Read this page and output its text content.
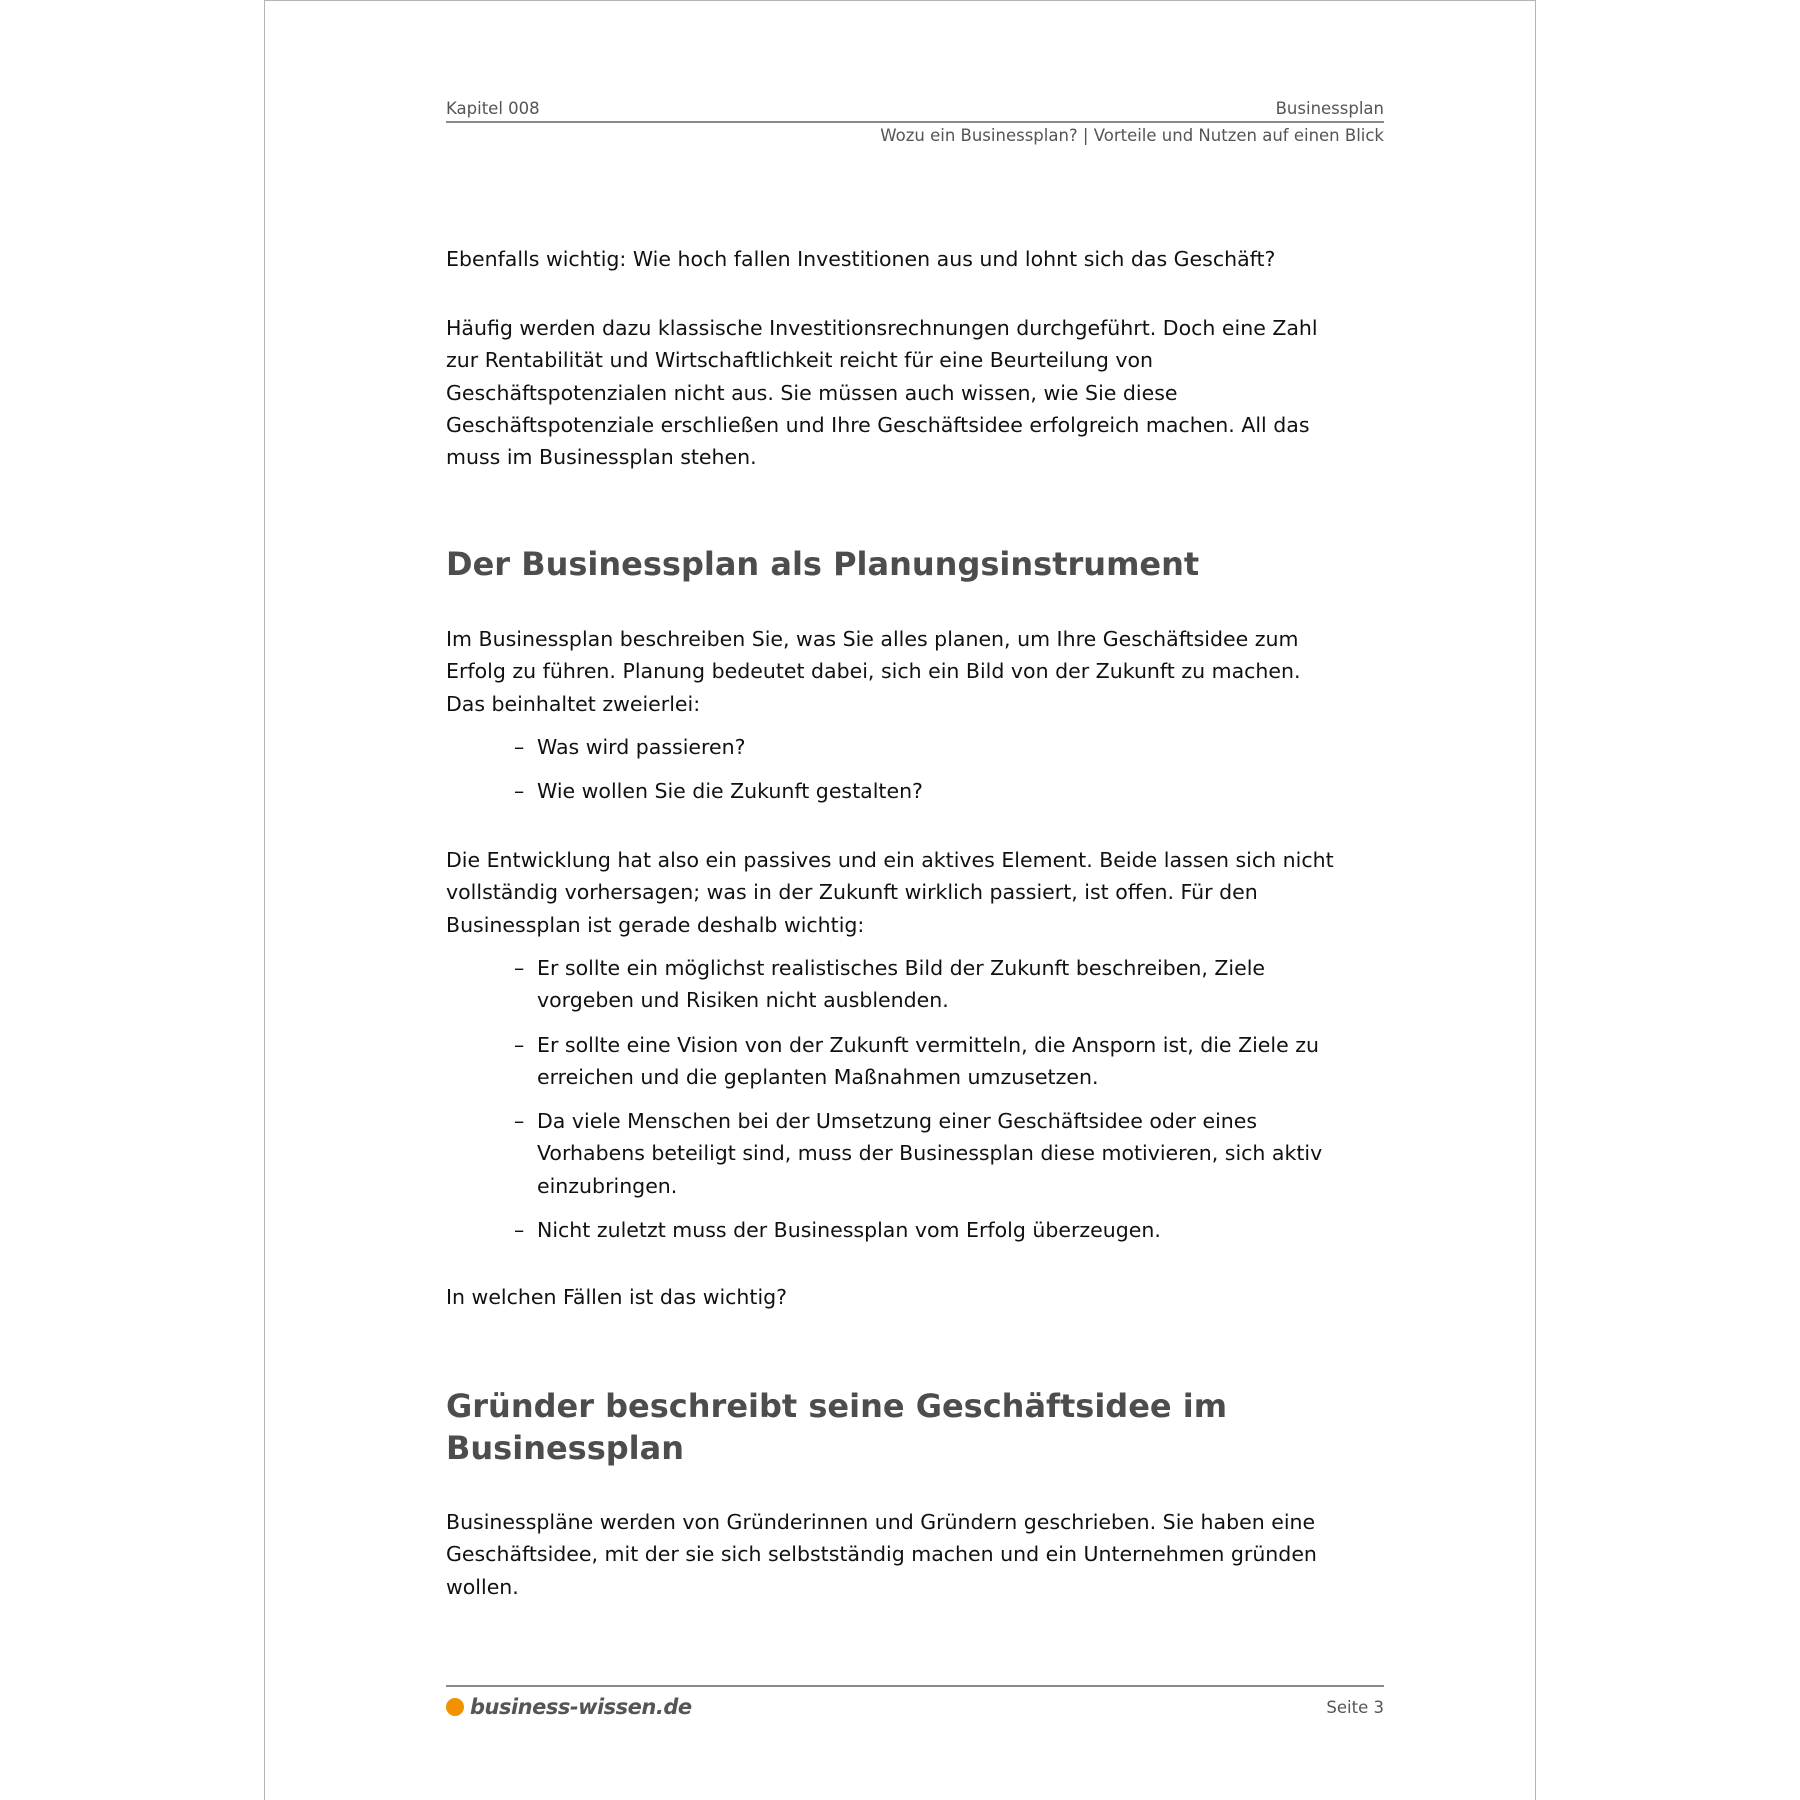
Kapitel 008	Businessplan
Wozu ein Businessplan? | Vorteile und Nutzen auf einen Blick

Ebenfalls wichtig: Wie hoch fallen Investitionen aus und lohnt sich das Geschäft?

Häufig werden dazu klassische Investitionsrechnungen durchgeführt. Doch eine Zahl
zur Rentabilität und Wirtschaftlichkeit reicht für eine Beurteilung von
Geschäftspotenzialen nicht aus. Sie müssen auch wissen, wie Sie diese
Geschäftspotenziale erschließen und Ihre Geschäftsidee erfolgreich machen. All das
muss im Businessplan stehen.

Der Businessplan als Planungsinstrument

Im Businessplan beschreiben Sie, was Sie alles planen, um Ihre Geschäftsidee zum
Erfolg zu führen. Planung bedeutet dabei, sich ein Bild von der Zukunft zu machen.
Das beinhaltet zweierlei:

– Was wird passieren?
– Wie wollen Sie die Zukunft gestalten?

Die Entwicklung hat also ein passives und ein aktives Element. Beide lassen sich nicht
vollständig vorhersagen; was in der Zukunft wirklich passiert, ist offen. Für den
Businessplan ist gerade deshalb wichtig:

– Er sollte ein möglichst realistisches Bild der Zukunft beschreiben, Ziele
vorgeben und Risiken nicht ausblenden.
– Er sollte eine Vision von der Zukunft vermitteln, die Ansporn ist, die Ziele zu
erreichen und die geplanten Maßnahmen umzusetzen.
– Da viele Menschen bei der Umsetzung einer Geschäftsidee oder eines
Vorhabens beteiligt sind, muss der Businessplan diese motivieren, sich aktiv
einzubringen.
– Nicht zuletzt muss der Businessplan vom Erfolg überzeugen.

In welchen Fällen ist das wichtig?

Gründer beschreibt seine Geschäftsidee im
Businessplan

Businesspläne werden von Gründerinnen und Gründern geschrieben. Sie haben eine
Geschäftsidee, mit der sie sich selbstständig machen und ein Unternehmen gründen
wollen.

business-wissen.de	Seite 3
